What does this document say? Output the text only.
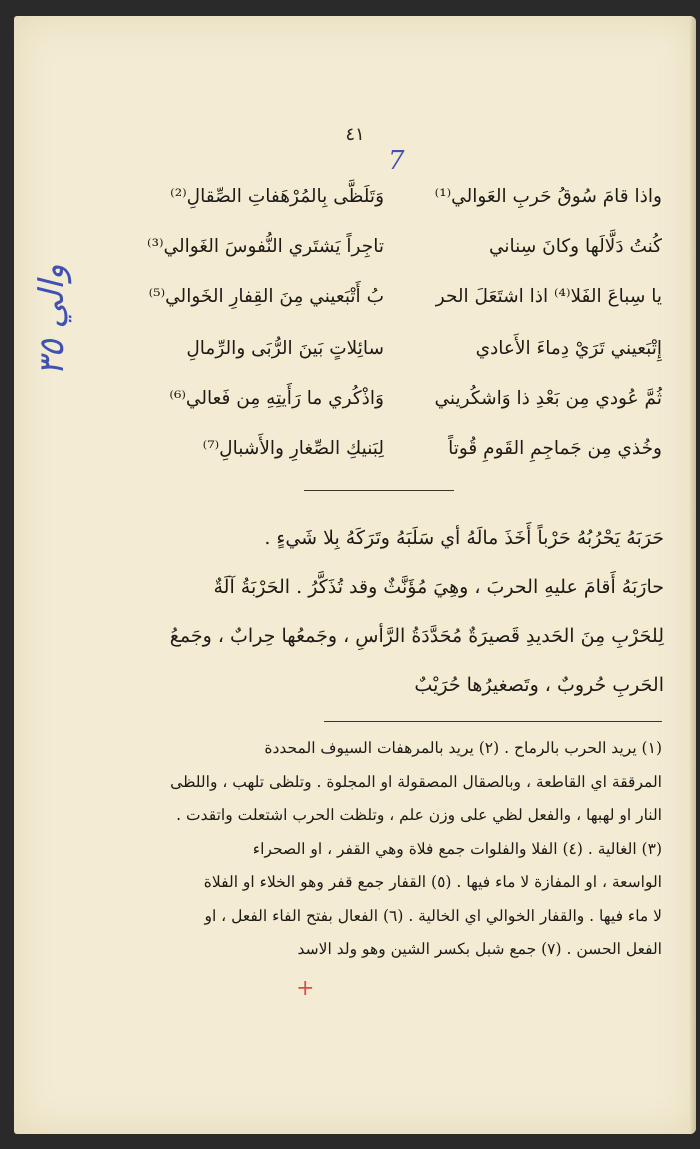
٤١
7
والي ٣٥
واذا قامَ سُوقُ حَربِ العَوالي⁽¹⁾
وَتَلَظَّى بِالمُرْهَفاتِ الصِّقالِ⁽²⁾
كُنتُ دَلَّالَها وكانَ سِناني
تاجِراً يَشتَري النُّفوسَ الغَوالي⁽³⁾
يا سِباعَ الفَلا⁽⁴⁾ اذا اشتَعَلَ الحر
بُ أَتْبَعيني مِنَ القِفارِ الخَوالي⁽⁵⁾
إِتْبَعيني تَرَيْ دِماءَ الأَعادي
سائِلاتٍ بَينَ الرُّبَى والرِّمالِ
ثُمَّ عُودي مِن بَعْدِ ذا وَاشكُريني
وَاذْكُري ما رَأَيتِهِ مِن فَعالي⁽⁶⁾
وخُذي مِن جَماجِمِ القَومِ قُوتاً
لِبَنيكِ الصِّغارِ والأَشبالِ⁽⁷⁾
حَرَبَهُ يَحْرُبُهُ حَرْباً أَخَذَ مالَهُ أي سَلَبَهُ وتَرَكَهُ بِلا شَيءٍ .
حارَبَهُ أَقامَ عليهِ الحربَ ، وهِيَ مُؤَنَّثٌ وقد تُذَكَّرُ . الحَرْبَةُ آلَةٌ
لِلحَرْبِ مِنَ الحَديدِ قَصيرَةٌ مُحَدَّدَةُ الرَّأسِ ، وجَمعُها حِرابٌ ، وجَمعُ
الحَربِ حُروبٌ ، وتَصغيرُها حُرَيْبٌ
(١) يريد الحرب بالرماح . (٢) يريد بالمرهفات السيوف المحددة
المرققة اي القاطعة ، وبالصقال المصقولة او المجلوة . وتلظى تلهب ، واللظى
النار او لهبها ، والفعل لظي على وزن علم ، وتلظت الحرب اشتعلت واتقدت .
(٣) الغالية . (٤) الفلا والفلوات جمع فلاة وهي القفر ، او الصحراء
الواسعة ، او المفازة لا ماء فيها . (٥) القفار جمع قفر وهو الخلاء او الفلاة
لا ماء فيها . والقفار الخوالي اي الخالية . (٦) الفعال بفتح الفاء الفعل ، او
الفعل الحسن . (٧) جمع شبل بكسر الشين وهو ولد الاسد
+
